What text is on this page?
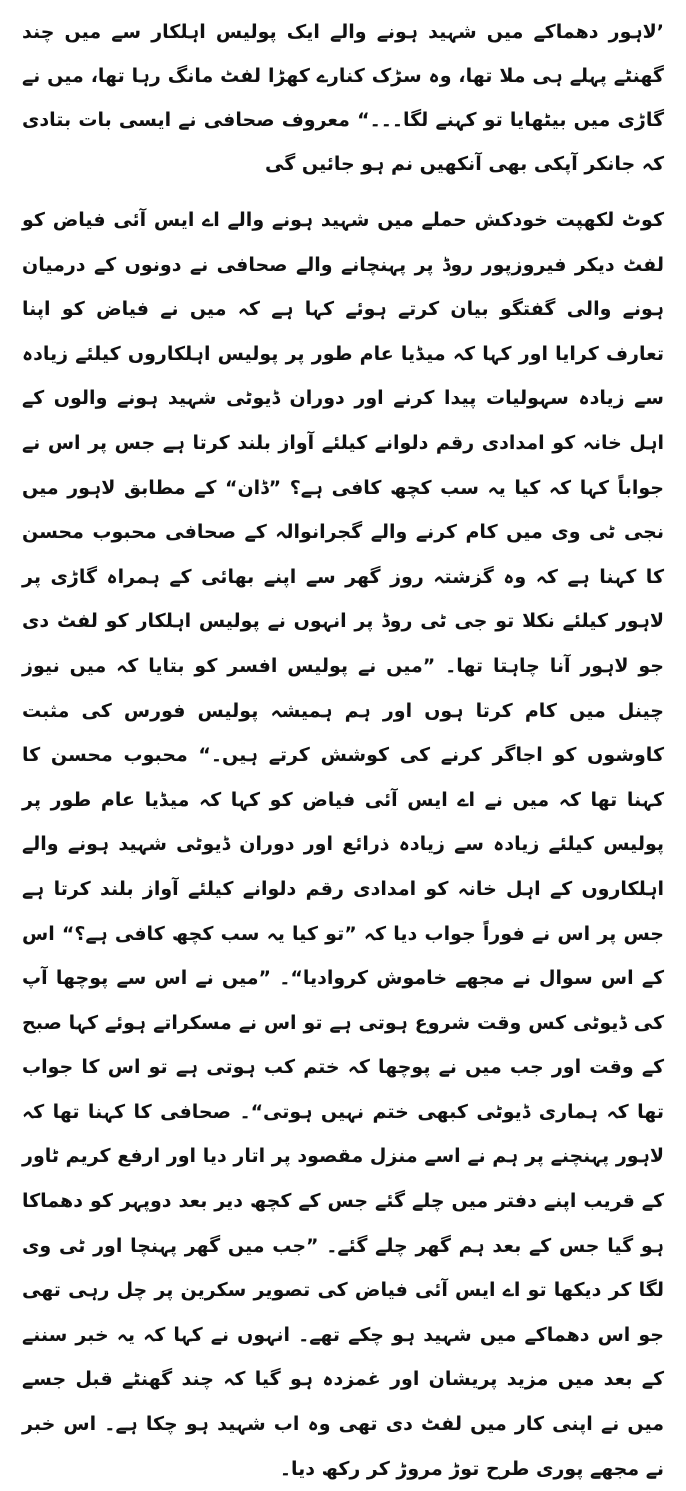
’لاہور دھماکے میں شہید ہونے والے ایک پولیس اہلکار سے میں چند گھنٹے پہلے ہی ملا تھا، وہ سڑک کنارے کھڑا لفٹ مانگ رہا تھا، میں نے گاڑی میں بیٹھایا تو کہنے لگا۔۔۔“ معروف صحافی نے ایسی بات بتادی کہ جانکر آپکی بھی آنکھیں نم ہو جائیں گی

کوٹ لکھپت خودکش حملے میں شہید ہونے والے اے ایس آئی فیاض کو لفٹ دیکر فیروزپور روڈ پر پہنچانے والے صحافی نے دونوں کے درمیان ہونے والی گفتگو بیان کرتے ہوئے کہا ہے کہ میں نے فیاض کو اپنا تعارف کرایا اور کہا کہ میڈیا عام طور پر پولیس اہلکاروں کیلئے زیادہ سے زیادہ سہولیات پیدا کرنے اور دوران ڈیوٹی شہید ہونے والوں کے اہل خانہ کو امدادی رقم دلوانے کیلئے آواز بلند کرتا ہے جس پر اس نے جواباً کہا کہ کیا یہ سب کچھ کافی ہے؟ ”ڈان“ کے مطابق لاہور میں نجی ٹی وی میں کام کرنے والے گجرانوالہ کے صحافی محبوب محسن کا کہنا ہے کہ وہ گزشتہ روز گھر سے اپنے بھائی کے ہمراہ گاڑی پر لاہور کیلئے نکلا تو جی ٹی روڈ پر انہوں نے پولیس اہلکار کو لفٹ دی جو لاہور آنا چاہتا تھا۔ ”میں نے پولیس افسر کو بتایا کہ میں نیوز چینل میں کام کرتا ہوں اور ہم ہمیشہ پولیس فورس کی مثبت کاوشوں کو اجاگر کرنے کی کوشش کرتے ہیں۔“ محبوب محسن کا کہنا تھا کہ میں نے اے ایس آئی فیاض کو کہا کہ میڈیا عام طور پر پولیس کیلئے زیادہ سے زیادہ ذرائع اور دوران ڈیوٹی شہید ہونے والے اہلکاروں کے اہل خانہ کو امدادی رقم دلوانے کیلئے آواز بلند کرتا ہے جس پر اس نے فوراً جواب دیا کہ ”تو کیا یہ سب کچھ کافی ہے؟“ اس کے اس سوال نے مجھے خاموش کروادیا“۔ ”میں نے اس سے پوچھا آپ کی ڈیوٹی کس وقت شروع ہوتی ہے تو اس نے مسکراتے ہوئے کہا صبح کے وقت اور جب میں نے پوچھا کہ ختم کب ہوتی ہے تو اس کا جواب تھا کہ ہماری ڈیوٹی کبھی ختم نہیں ہوتی“۔ صحافی کا کہنا تھا کہ لاہور پہنچنے پر ہم نے اسے منزل مقصود پر اتار دیا اور ارفع کریم ٹاور کے قریب اپنے دفتر میں چلے گئے جس کے کچھ دیر بعد دوپہر کو دھماکا ہو گیا جس کے بعد ہم گھر چلے گئے۔ ”جب میں گھر پہنچا اور ٹی وی لگا کر دیکھا تو اے ایس آئی فیاض کی تصویر سکرین پر چل رہی تھی جو اس دھماکے میں شہید ہو چکے تھے۔ انہوں نے کہا کہ یہ خبر سننے کے بعد میں مزید پریشان اور غمزدہ ہو گیا کہ چند گھنٹے قبل جسے میں نے اپنی کار میں لفٹ دی تھی وہ اب شہید ہو چکا ہے۔ اس خبر نے مجھے پوری طرح توڑ مروڑ کر رکھ دیا۔
